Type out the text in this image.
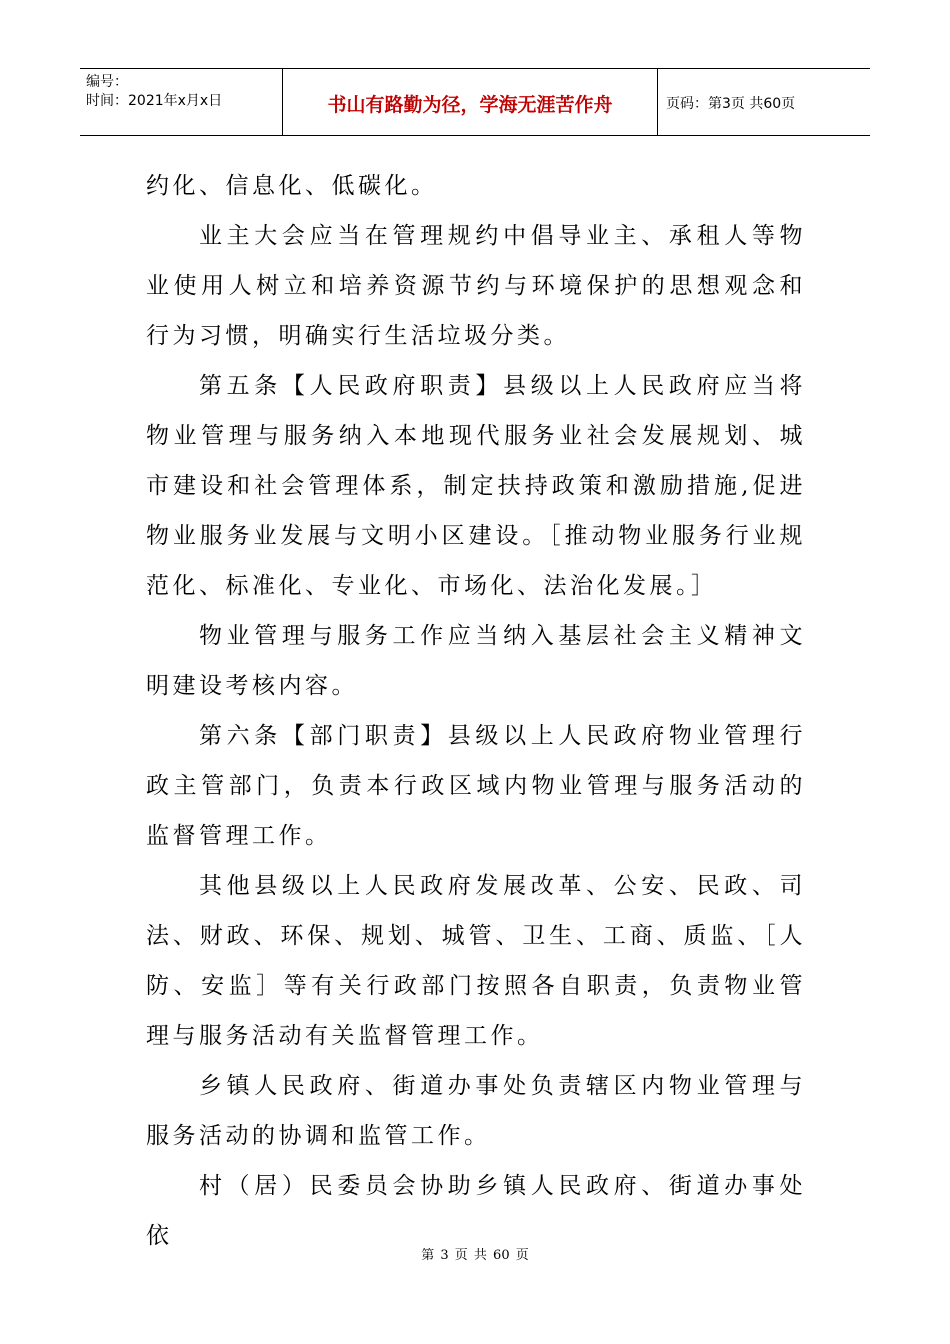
编号：
时间：2021年x月x日	书山有路勤为径，学海无涯苦作舟	页码：第3页 共60页

约化、信息化、低碳化。

业主大会应当在管理规约中倡导业主、承租人等物业使用人树立和培养资源节约与环境保护的思想观念和行为习惯，明确实行生活垃圾分类。

第五条【人民政府职责】县级以上人民政府应当将物业管理与服务纳入本地现代服务业社会发展规划、城市建设和社会管理体系，制定扶持政策和激励措施,促进物业服务业发展与文明小区建设。［推动物业服务行业规范化、标准化、专业化、市场化、法治化发展。］

物业管理与服务工作应当纳入基层社会主义精神文明建设考核内容。

第六条【部门职责】县级以上人民政府物业管理行政主管部门，负责本行政区域内物业管理与服务活动的监督管理工作。

其他县级以上人民政府发展改革、公安、民政、司法、财政、环保、规划、城管、卫生、工商、质监、［人防、安监］等有关行政部门按照各自职责，负责物业管理与服务活动有关监督管理工作。

乡镇人民政府、街道办事处负责辖区内物业管理与服务活动的协调和监管工作。

村（居）民委员会协助乡镇人民政府、街道办事处依

第 3 页 共 60 页
